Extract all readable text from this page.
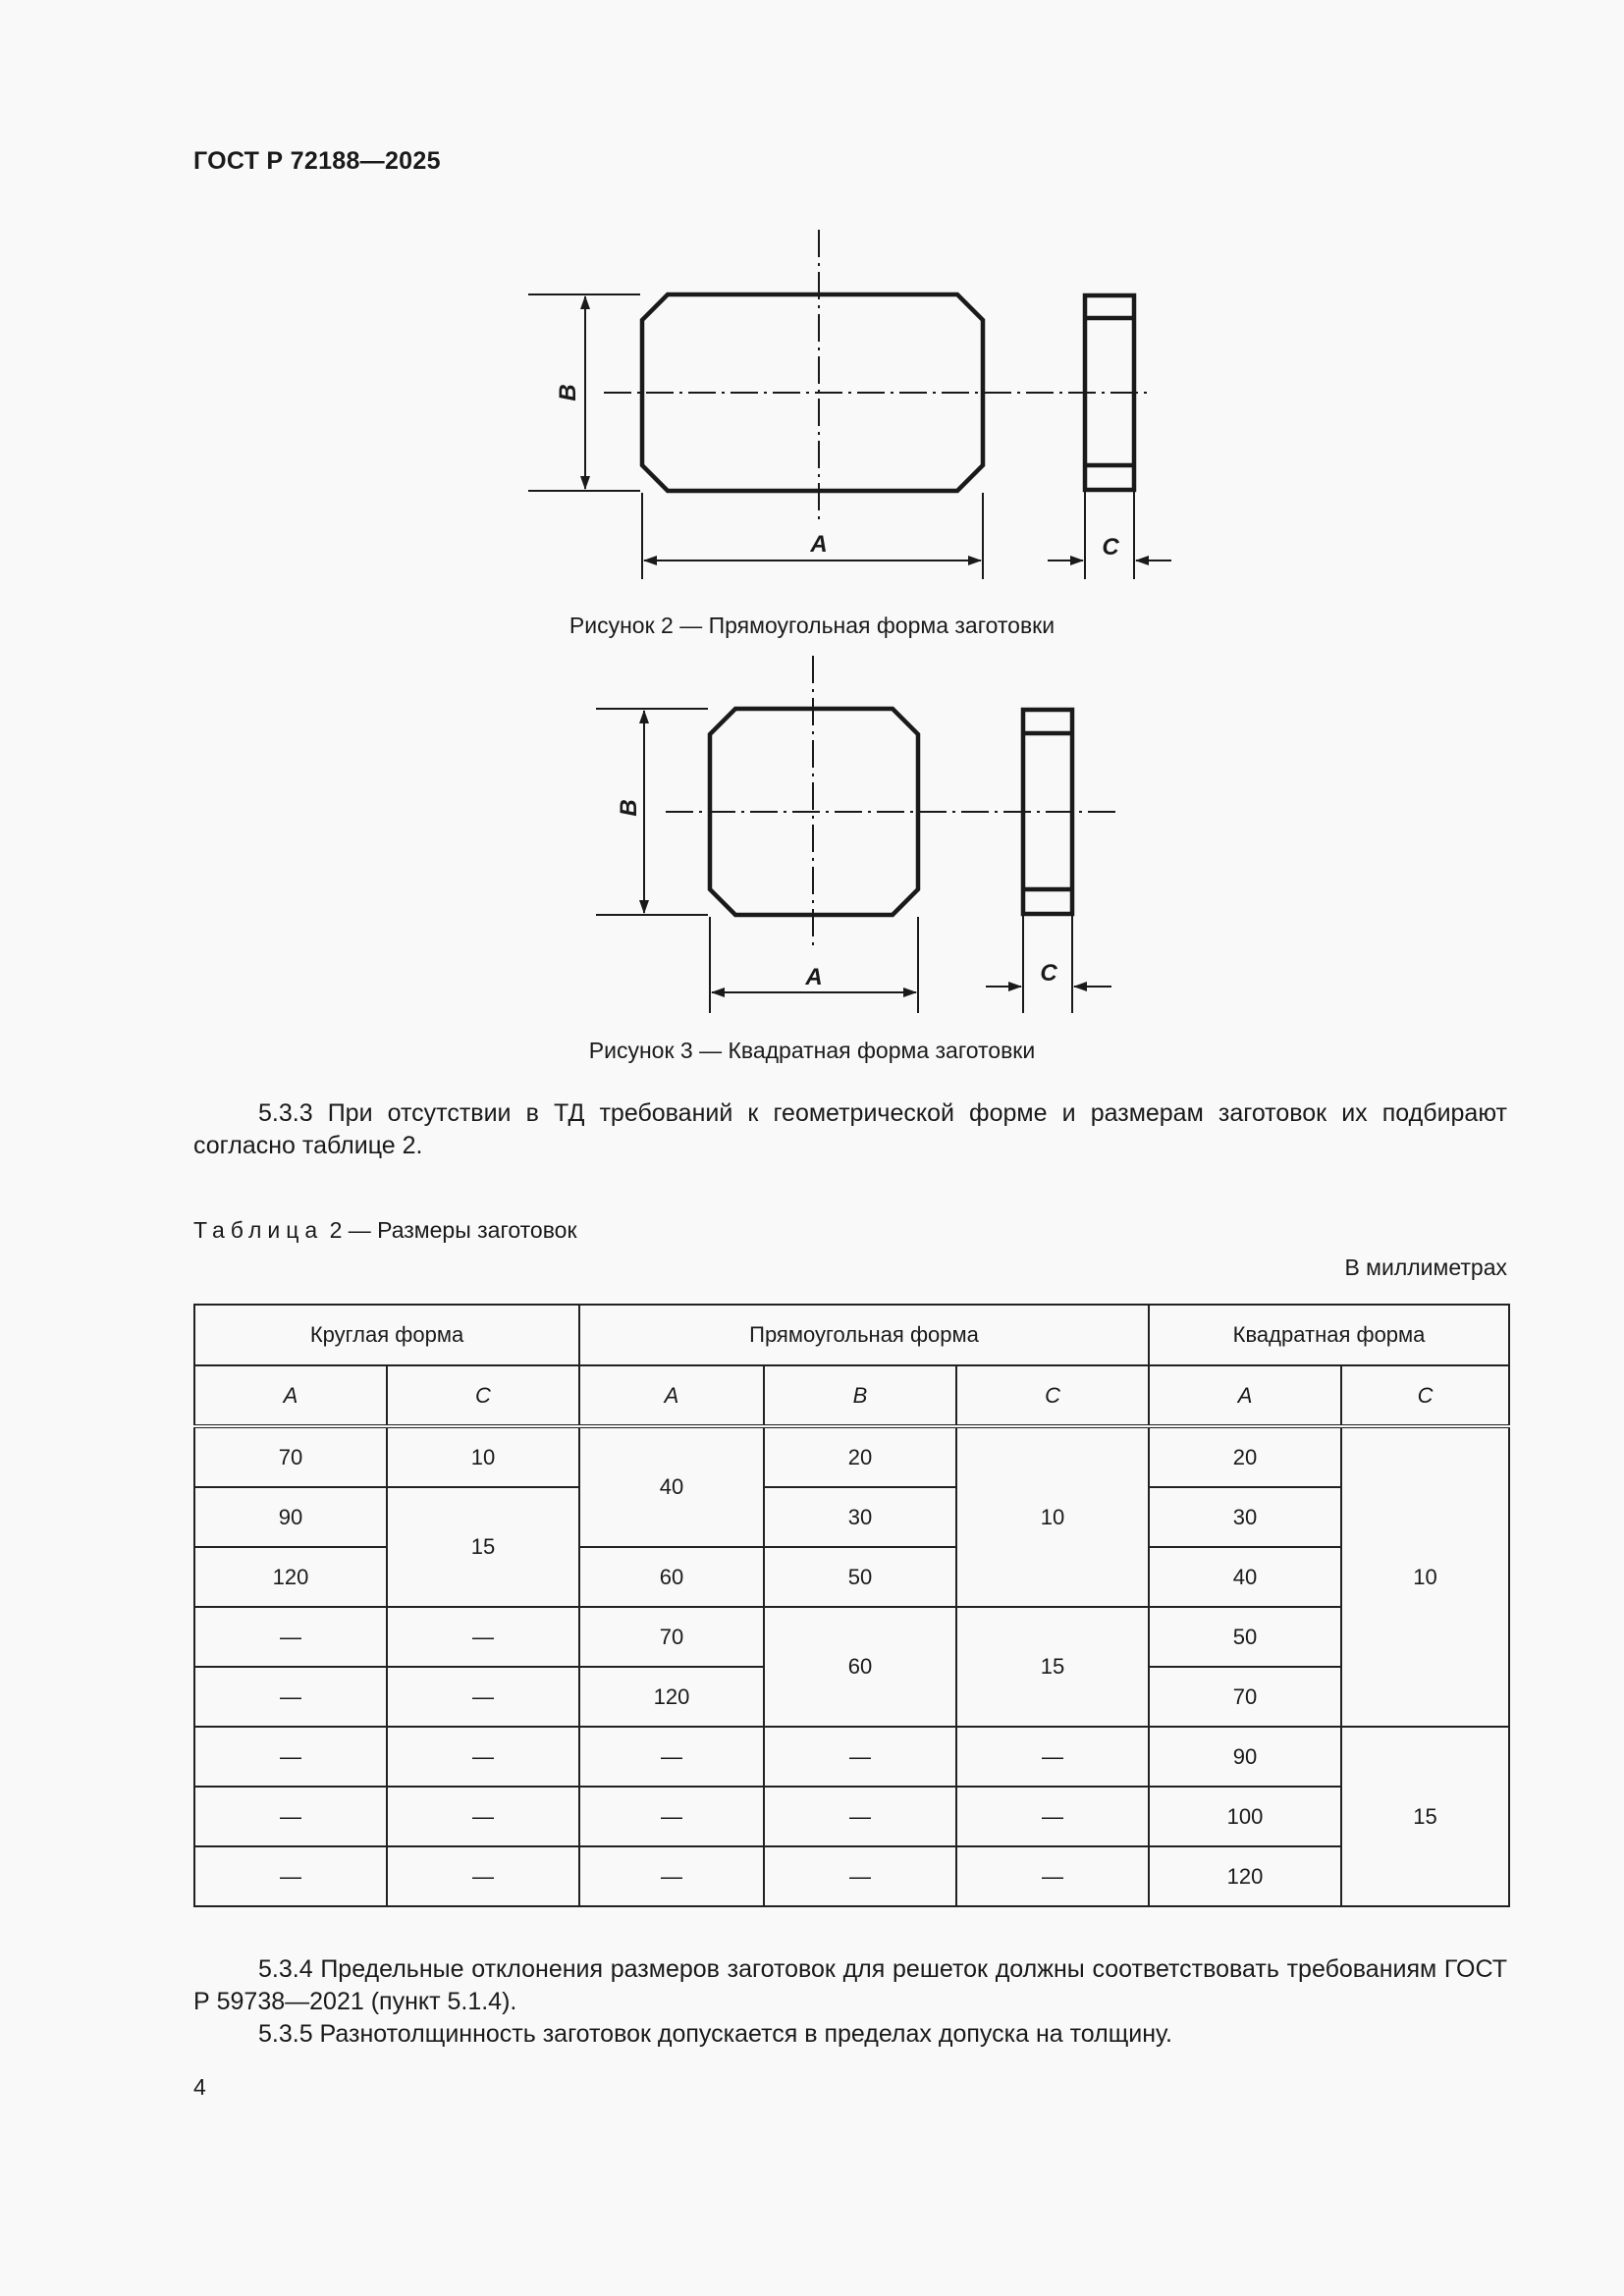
ГОСТ Р 72188—2025
A
B
C
Рисунок 2 — Прямоугольная форма заготовки
A
B
C
Рисунок 3 — Квадратная форма заготовки
5.3.3 При отсутствии в ТД требований к геометрической форме и размерам заготовок их подбирают согласно таблице 2.
Таблица 2 — Размеры заготовок
В миллиметрах
Круглая форма		Прямоугольная форма			Квадратная форма	
A	C	A	B	C	A	C
70	10	40	20	10	20	10
90	15		30		30	
120		60	50		40	
—	—	70	60	15	50	
—	—	120			70	
—	—	—	—	—	90	15
—	—	—	—	—	100	
—	—	—	—	—	120	
5.3.4 Предельные отклонения размеров заготовок для решеток должны соответствовать требованиям ГОСТ Р 59738—2021 (пункт 5.1.4).
5.3.5 Разнотолщинность заготовок допускается в пределах допуска на толщину.
4
